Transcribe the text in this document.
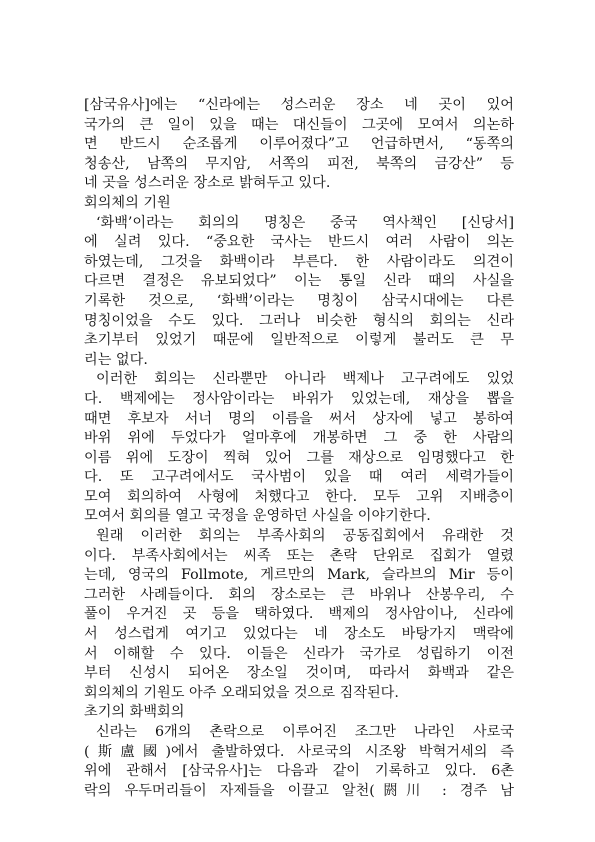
[삼국유사]에는 “신라에는 성스러운 장소 네 곳이 있어
국가의 큰 일이 있을 때는 대신들이 그곳에 모여서 의논하
면 반드시 순조롭게 이루어졌다”고 언급하면서, “동쪽의
청송산, 남쪽의 무지암, 서쪽의 피전, 북쪽의 금강산” 등
네 곳을 성스러운 장소로 밝혀두고 있다.
회의체의 기원
‘화백’이라는 회의의 명칭은 중국 역사책인 [신당서]
에 실려 있다. “중요한 국사는 반드시 여러 사람이 의논
하였는데, 그것을 화백이라 부른다. 한 사람이라도 의견이
다르면 결정은 유보되었다” 이는 통일 신라 때의 사실을
기록한 것으로, ‘화백’이라는 명칭이 삼국시대에는 다른
명칭이었을 수도 있다. 그러나 비슷한 형식의 회의는 신라
초기부터 있었기 때문에 일반적으로 이렇게 불러도 큰 무
리는 없다.
이러한 회의는 신라뿐만 아니라 백제나 고구려에도 있었
다. 백제에는 정사암이라는 바위가 있었는데, 재상을 뽑을
때면 후보자 서너 명의 이름을 써서 상자에 넣고 봉하여
바위 위에 두었다가 얼마후에 개봉하면 그 중 한 사람의
이름 위에 도장이 찍혀 있어 그를 재상으로 임명했다고 한
다. 또 고구려에서도 국사범이 있을 때 여러 세력가들이
모여 회의하여 사형에 처했다고 한다. 모두 고위 지배층이
모여서 회의를 열고 국정을 운영하던 사실을 이야기한다.
원래 이러한 회의는 부족사회의 공동집회에서 유래한 것
이다. 부족사회에서는 씨족 또는 촌락 단위로 집회가 열렸
는데, 영국의 Follmote, 게르만의 Mark, 슬라브의 Mir 등이
그러한 사례들이다. 회의 장소로는 큰 바위나 산봉우리, 수
풀이 우거진 곳 등을 택하였다. 백제의 정사암이나, 신라에
서 성스럽게 여기고 있었다는 네 장소도 바탕가지 맥락에
서 이해할 수 있다. 이들은 신라가 국가로 성립하기 이전
부터 신성시 되어온 장소일 것이며, 따라서 화백과 같은
회의체의 기원도 아주 오래되었을 것으로 짐작된다.
초기의 화백회의
신라는 6개의 촌락으로 이루어진 조그만 나라인 사로국
(斯盧國)에서 출발하였다. 사로국의 시조왕 박혁거세의 즉
위에 관해서 [삼국유사]는 다음과 같이 기록하고 있다. 6촌
락의 우두머리들이 자제들을 이끌고 알천(閼川 : 경주 남
